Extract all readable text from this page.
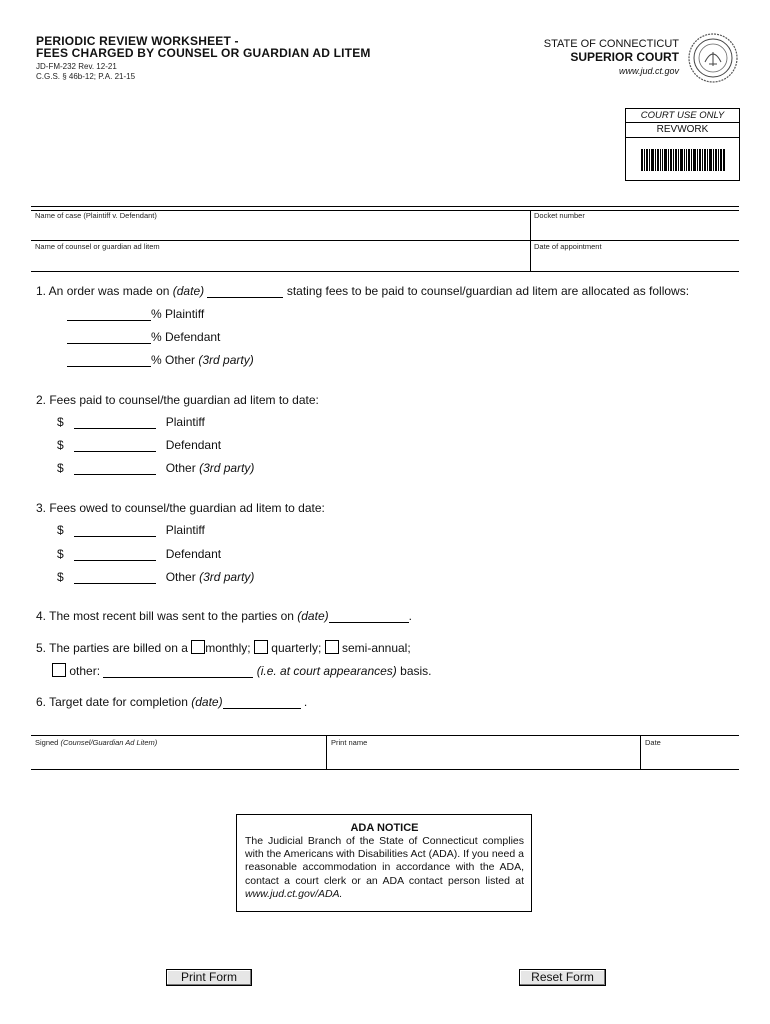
PERIODIC REVIEW WORKSHEET -
FEES CHARGED BY COUNSEL OR GUARDIAN AD LITEM
JD-FM-232 Rev. 12-21
C.G.S. § 46b-12; P.A. 21-15
STATE OF CONNECTICUT
SUPERIOR COURT
www.jud.ct.gov
COURT USE ONLY
REVWORK
Name of case (Plaintiff v. Defendant)	Docket number
Name of counsel or guardian ad litem	Date of appointment
1. An order was made on (date)	stating fees to be paid to counsel/guardian ad litem are allocated as follows:
% Plaintiff
% Defendant
% Other (3rd party)
2. Fees paid to counsel/the guardian ad litem to date:
$	Plaintiff
$	Defendant
$	Other (3rd party)
3. Fees owed to counsel/the guardian ad litem to date:
$	Plaintiff
$	Defendant
$	Other (3rd party)
4. The most recent bill was sent to the parties on (date)	.
5. The parties are billed on a monthly; quarterly; semi-annual;
other:	(i.e. at court appearances) basis.
6. Target date for completion (date)	.
Signed (Counsel/Guardian Ad Litem)	Print name	Date
ADA NOTICE
The Judicial Branch of the State of Connecticut complies with the Americans with Disabilities Act (ADA). If you need a reasonable accommodation in accordance with the ADA, contact a court clerk or an ADA contact person listed at www.jud.ct.gov/ADA.
Print Form	Reset Form
